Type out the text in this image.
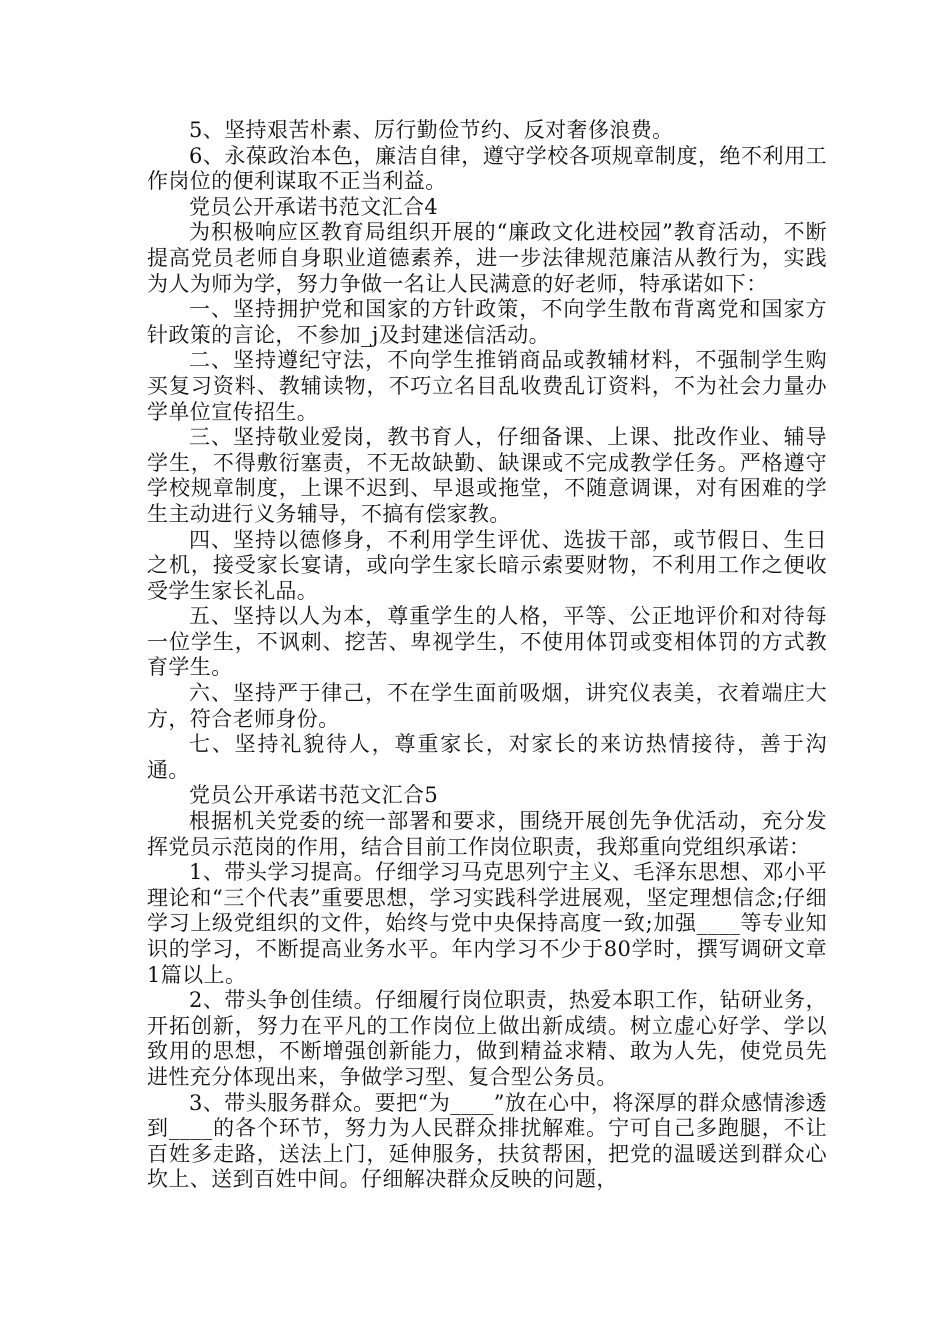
5、坚持艰苦朴素、厉行勤俭节约、反对奢侈浪费。

6、永葆政治本色，廉洁自律，遵守学校各项规章制度，绝不利用工作岗位的便利谋取不正当利益。

党员公开承诺书范文汇合4

为积极响应区教育局组织开展的“廉政文化进校园”教育活动，不断提高党员老师自身职业道德素养，进一步法律规范廉洁从教行为，实践为人为师为学，努力争做一名让人民满意的好老师，特承诺如下：

一、坚持拥护党和国家的方针政策，不向学生散布背离党和国家方针政策的言论，不参加_j及封建迷信活动。

二、坚持遵纪守法，不向学生推销商品或教辅材料，不强制学生购买复习资料、教辅读物，不巧立名目乱收费乱订资料，不为社会力量办学单位宣传招生。

三、坚持敬业爱岗，教书育人，仔细备课、上课、批改作业、辅导学生，不得敷衍塞责，不无故缺勤、缺课或不完成教学任务。严格遵守学校规章制度，上课不迟到、早退或拖堂，不随意调课，对有困难的学生主动进行义务辅导，不搞有偿家教。

四、坚持以德修身，不利用学生评优、选拔干部，或节假日、生日之机，接受家长宴请，或向学生家长暗示索要财物，不利用工作之便收受学生家长礼品。

五、坚持以人为本，尊重学生的人格，平等、公正地评价和对待每一位学生，不讽刺、挖苦、卑视学生，不使用体罚或变相体罚的方式教育学生。

六、坚持严于律己，不在学生面前吸烟，讲究仪表美，衣着端庄大方，符合老师身份。

七、坚持礼貌待人，尊重家长，对家长的来访热情接待，善于沟通。

党员公开承诺书范文汇合5

根据机关党委的统一部署和要求，围绕开展创先争优活动，充分发挥党员示范岗的作用，结合目前工作岗位职责，我郑重向党组织承诺：

1、带头学习提高。仔细学习马克思列宁主义、毛泽东思想、邓小平理论和“三个代表”重要思想，学习实践科学进展观，坚定理想信念;仔细学习上级党组织的文件，始终与党中央保持高度一致;加强____等专业知识的学习，不断提高业务水平。年内学习不少于80学时，撰写调研文章1篇以上。

2、带头争创佳绩。仔细履行岗位职责，热爱本职工作，钻研业务，开拓创新，努力在平凡的工作岗位上做出新成绩。树立虚心好学、学以致用的思想，不断增强创新能力，做到精益求精、敢为人先，使党员先进性充分体现出来，争做学习型、复合型公务员。

3、带头服务群众。要把“为____”放在心中，将深厚的群众感情渗透到____的各个环节，努力为人民群众排扰解难。宁可自己多跑腿，不让百姓多走路，送法上门，延伸服务，扶贫帮困，把党的温暖送到群众心坎上、送到百姓中间。仔细解决群众反映的问题，
